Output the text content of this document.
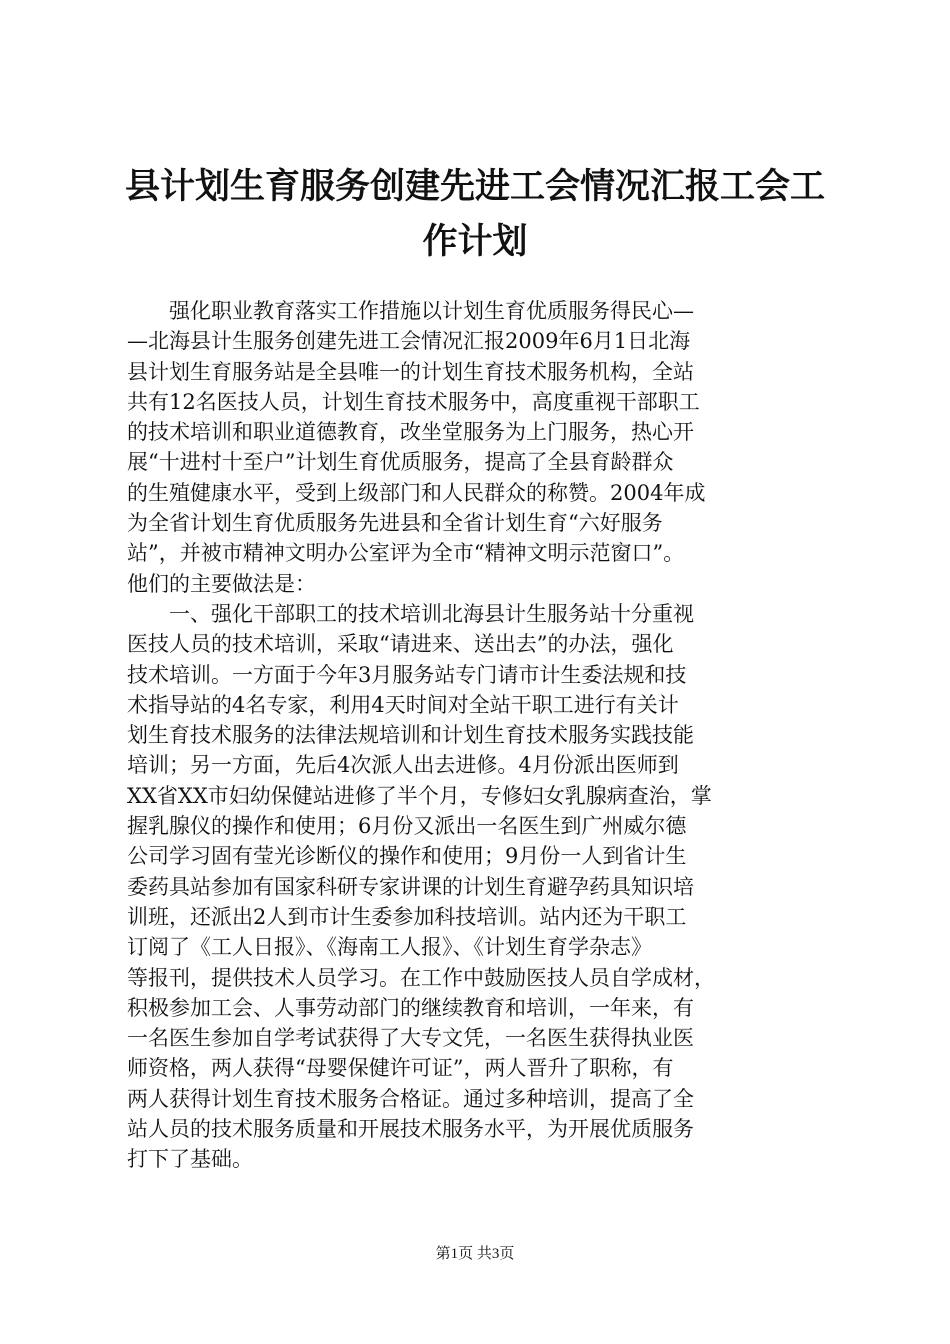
县计划生育服务创建先进工会情况汇报工会工
作计划
　　强化职业教育落实工作措施以计划生育优质服务得民心—
—北海县计生服务创建先进工会情况汇报2009年6月1日北海
县计划生育服务站是全县唯一的计划生育技术服务机构，全站
共有12名医技人员，计划生育技术服务中，高度重视干部职工
的技术培训和职业道德教育，改坐堂服务为上门服务，热心开
展“十进村十至户”计划生育优质服务，提高了全县育龄群众
的生殖健康水平，受到上级部门和人民群众的称赞。2004年成
为全省计划生育优质服务先进县和全省计划生育“六好服务
站”，并被市精神文明办公室评为全市“精神文明示范窗口”。
他们的主要做法是：
　　一、强化干部职工的技术培训北海县计生服务站十分重视
医技人员的技术培训，采取“请进来、送出去”的办法，强化
技术培训。一方面于今年3月服务站专门请市计生委法规和技
术指导站的4名专家，利用4天时间对全站干职工进行有关计
划生育技术服务的法律法规培训和计划生育技术服务实践技能
培训；另一方面，先后4次派人出去进修。4月份派出医师到
XX省XX市妇幼保健站进修了半个月，专修妇女乳腺病查治，掌
握乳腺仪的操作和使用；6月份又派出一名医生到广州威尔德
公司学习固有莹光诊断仪的操作和使用；9月份一人到省计生
委药具站参加有国家科研专家讲课的计划生育避孕药具知识培
训班，还派出2人到市计生委参加科技培训。站内还为干职工
订阅了《工人日报》、《海南工人报》、《计划生育学杂志》
等报刊，提供技术人员学习。在工作中鼓励医技人员自学成材，
积极参加工会、人事劳动部门的继续教育和培训，一年来，有
一名医生参加自学考试获得了大专文凭，一名医生获得执业医
师资格，两人获得“母婴保健许可证”，两人晋升了职称，有
两人获得计划生育技术服务合格证。通过多种培训，提高了全
站人员的技术服务质量和开展技术服务水平，为开展优质服务
打下了基础。
第1页 共3页
